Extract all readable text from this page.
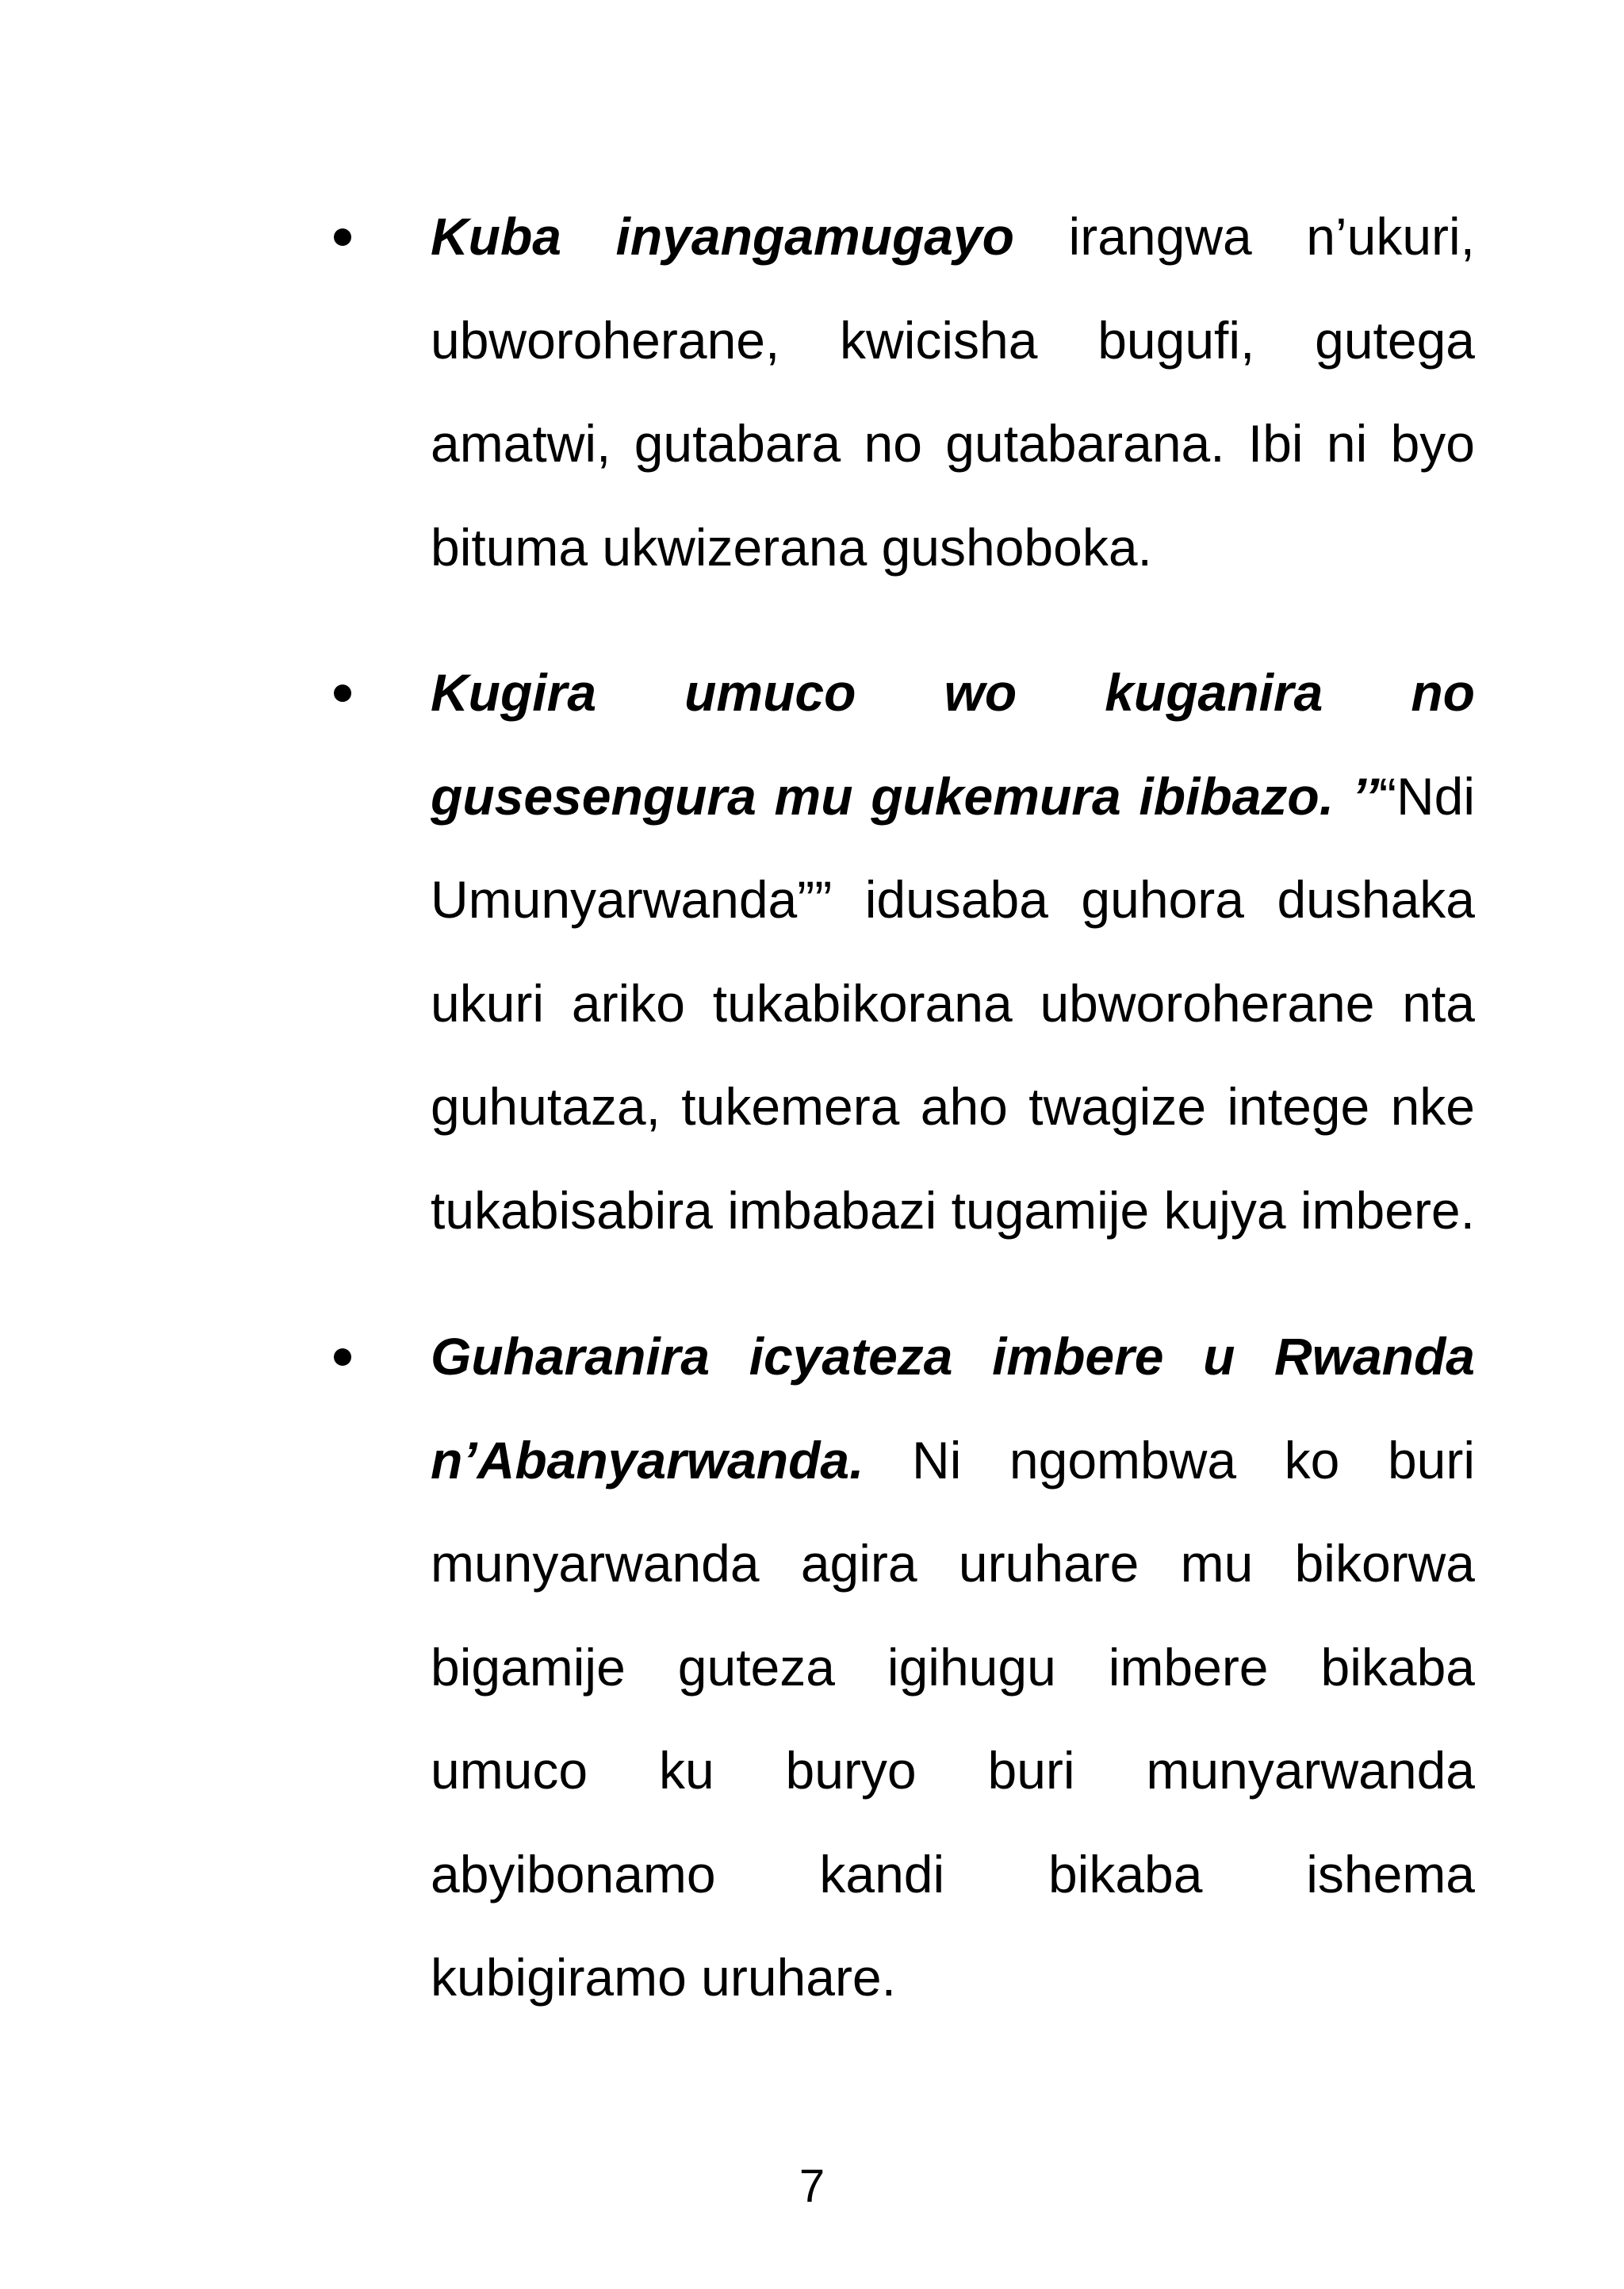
Kuba inyangamugayo irangwa n’ukuri, ubworoherane, kwicisha bugufi, gutega amatwi, gutabara no gutabarana. Ibi ni byo bituma ukwizerana gushoboka.

Kugira umuco wo kuganira no gusesengura mu gukemura ibibazo. ’’“Ndi Umunyarwanda”” idusaba guhora dushaka ukuri ariko tukabikorana ubworoherane nta guhutaza, tukemera aho twagize intege nke tukabisabira imbabazi tugamije kujya imbere.

Guharanira icyateza imbere u Rwanda n’Abanyarwanda. Ni ngombwa ko buri munyarwanda agira uruhare mu bikorwa bigamije guteza igihugu imbere bikaba umuco ku buryo buri munyarwanda abyibonamo kandi bikaba ishema kubigiramo uruhare.

7
